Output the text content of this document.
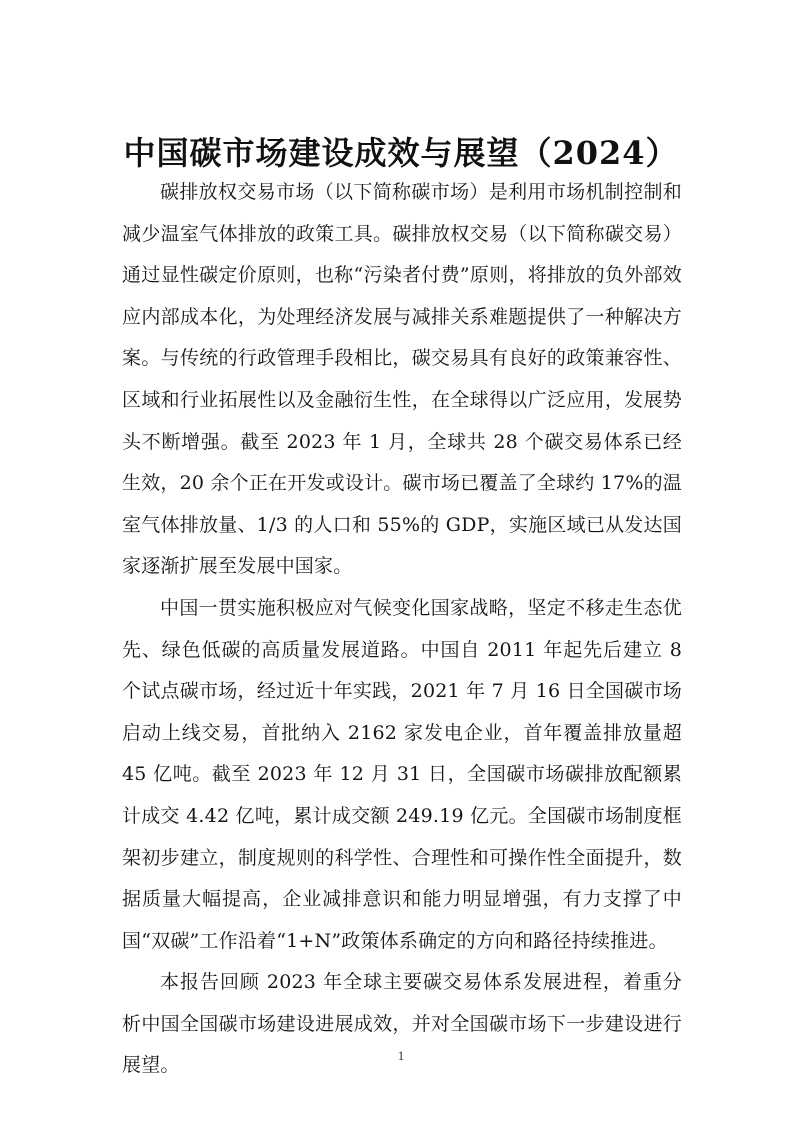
中国碳市场建设成效与展望（2024）

碳排放权交易市场（以下简称碳市场）是利用市场机制控制和减少温室气体排放的政策工具。碳排放权交易（以下简称碳交易）通过显性碳定价原则，也称“污染者付费”原则，将排放的负外部效应内部成本化，为处理经济发展与减排关系难题提供了一种解决方案。与传统的行政管理手段相比，碳交易具有良好的政策兼容性、区域和行业拓展性以及金融衍生性，在全球得以广泛应用，发展势头不断增强。截至 2023 年 1 月，全球共 28 个碳交易体系已经生效，20 余个正在开发或设计。碳市场已覆盖了全球约 17%的温室气体排放量、1/3 的人口和 55%的 GDP，实施区域已从发达国家逐渐扩展至发展中国家。

中国一贯实施积极应对气候变化国家战略，坚定不移走生态优先、绿色低碳的高质量发展道路。中国自 2011 年起先后建立 8 个试点碳市场，经过近十年实践，2021 年 7 月 16 日全国碳市场启动上线交易，首批纳入 2162 家发电企业，首年覆盖排放量超 45 亿吨。截至 2023 年 12 月 31 日，全国碳市场碳排放配额累计成交 4.42 亿吨，累计成交额 249.19 亿元。全国碳市场制度框架初步建立，制度规则的科学性、合理性和可操作性全面提升，数据质量大幅提高，企业减排意识和能力明显增强，有力支撑了中国“双碳”工作沿着“1+N”政策体系确定的方向和路径持续推进。

本报告回顾 2023 年全球主要碳交易体系发展进程，着重分析中国全国碳市场建设进展成效，并对全国碳市场下一步建设进行展望。	1
